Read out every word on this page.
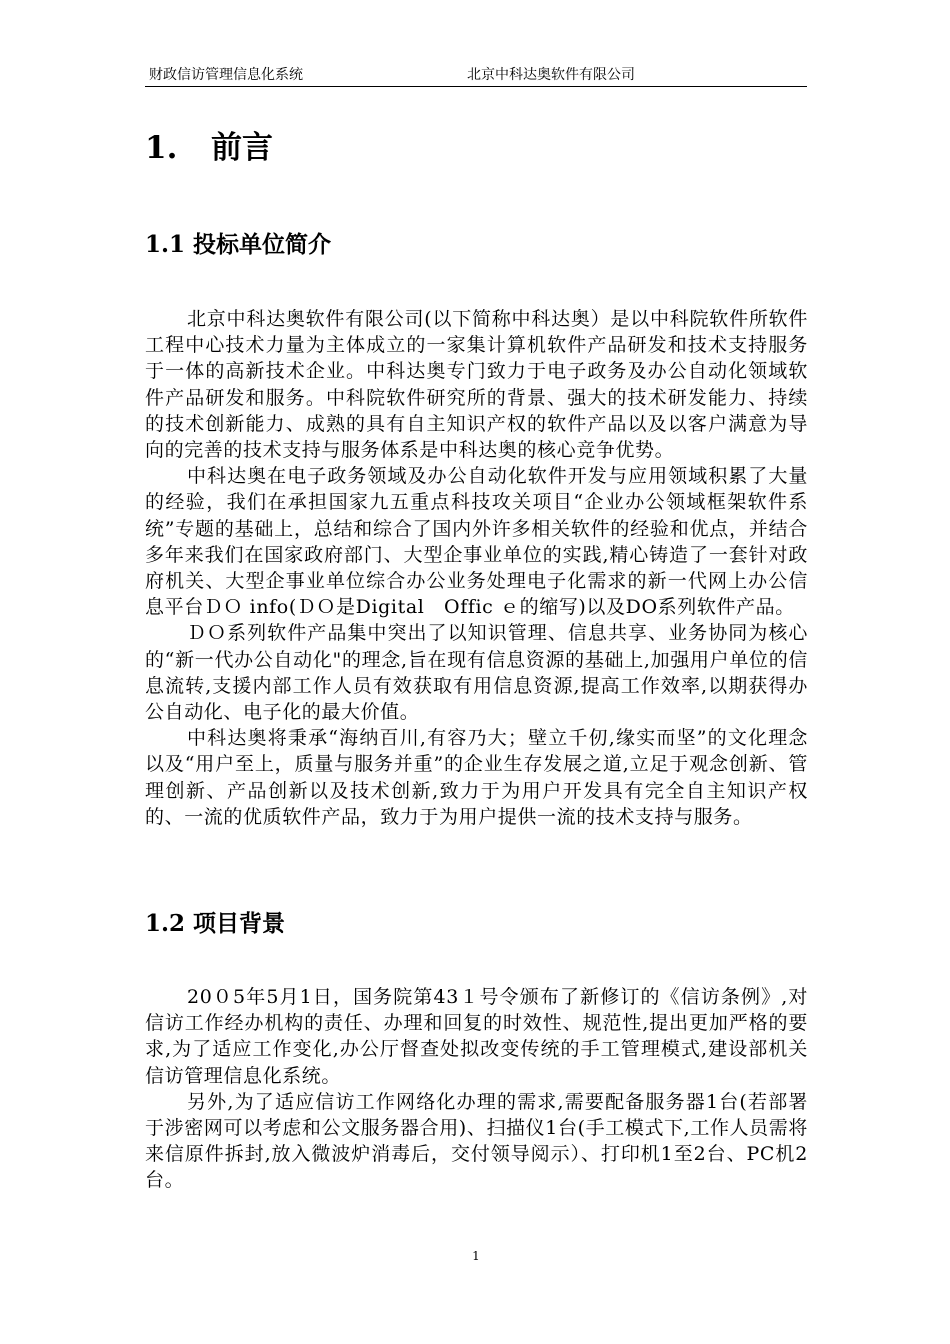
财政信访管理信息化系统	北京中科达奥软件有限公司
1. 前言
1.1 投标单位简介

北京中科达奥软件有限公司(以下简称中科达奥）是以中科院软件所软件工程中心技术力量为主体成立的一家集计算机软件产品研发和技术支持服务于一体的高新技术企业。中科达奥专门致力于电子政务及办公自动化领域软件产品研发和服务。中科院软件研究所的背景、强大的技术研发能力、持续的技术创新能力、成熟的具有自主知识产权的软件产品以及以客户满意为导向的完善的技术支持与服务体系是中科达奥的核心竞争优势。

中科达奥在电子政务领域及办公自动化软件开发与应用领域积累了大量的经验，我们在承担国家九五重点科技攻关项目“企业办公领域框架软件系统”专题的基础上，总结和综合了国内外许多相关软件的经验和优点，并结合多年来我们在国家政府部门、大型企事业单位的实践,精心铸造了一套针对政府机关、大型企事业单位综合办公业务处理电子化需求的新一代网上办公信息平台ＤＯ info(ＤＯ是Digital　Offic ｅ的缩写)以及DO系列软件产品。

ＤＯ系列软件产品集中突出了以知识管理、信息共享、业务协同为核心的“新一代办公自动化"的理念,旨在现有信息资源的基础上,加强用户单位的信息流转,支援内部工作人员有效获取有用信息资源,提高工作效率,以期获得办公自动化、电子化的最大价值。

中科达奥将秉承“海纳百川,有容乃大；壁立千仞,缘实而坚”的文化理念以及“用户至上，质量与服务并重”的企业生存发展之道,立足于观念创新、管理创新、产品创新以及技术创新,致力于为用户开发具有完全自主知识产权的、一流的优质软件产品，致力于为用户提供一流的技术支持与服务。

1.2 项目背景

20０5年5月1日，国务院第43１号令颁布了新修订的《信访条例》,对信访工作经办机构的责任、办理和回复的时效性、规范性,提出更加严格的要求,为了适应工作变化,办公厅督查处拟改变传统的手工管理模式,建设部机关信访管理信息化系统。

另外,为了适应信访工作网络化办理的需求,需要配备服务器1台(若部署于涉密网可以考虑和公文服务器合用)、扫描仪1台(手工模式下,工作人员需将来信原件拆封,放入微波炉消毒后，交付领导阅示）、打印机1至2台、PC机2台。

1
